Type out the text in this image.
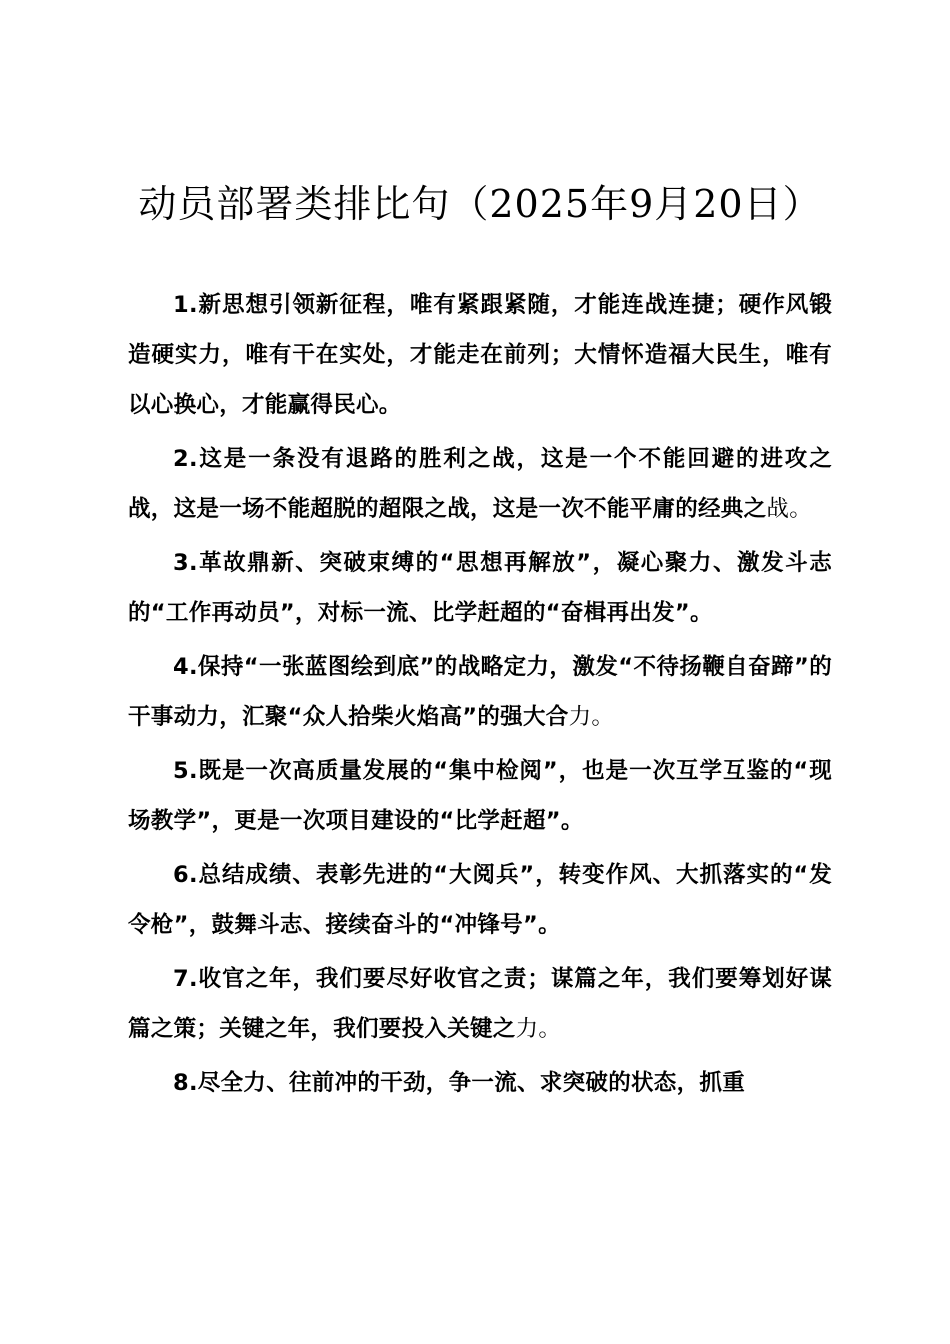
动员部署类排比句（2025年9月20日）

1.新思想引领新征程，唯有紧跟紧随，才能连战连捷；硬作风锻造硬实力，唯有干在实处，才能走在前列；大情怀造福大民生，唯有以心换心，才能赢得民心。

2.这是一条没有退路的胜利之战，这是一个不能回避的进攻之战，这是一场不能超脱的超限之战，这是一次不能平庸的经典之战。

3.革故鼎新、突破束缚的“思想再解放”，凝心聚力、激发斗志的“工作再动员”，对标一流、比学赶超的“奋楫再出发”。

4.保持“一张蓝图绘到底”的战略定力，激发“不待扬鞭自奋蹄”的干事动力，汇聚“众人拾柴火焰高”的强大合力。

5.既是一次高质量发展的“集中检阅”，也是一次互学互鉴的“现场教学”，更是一次项目建设的“比学赶超”。

6.总结成绩、表彰先进的“大阅兵”，转变作风、大抓落实的“发令枪”，鼓舞斗志、接续奋斗的“冲锋号”。

7.收官之年，我们要尽好收官之责；谋篇之年，我们要筹划好谋篇之策；关键之年，我们要投入关键之力。

8.尽全力、往前冲的干劲，争一流、求突破的状态，抓重
